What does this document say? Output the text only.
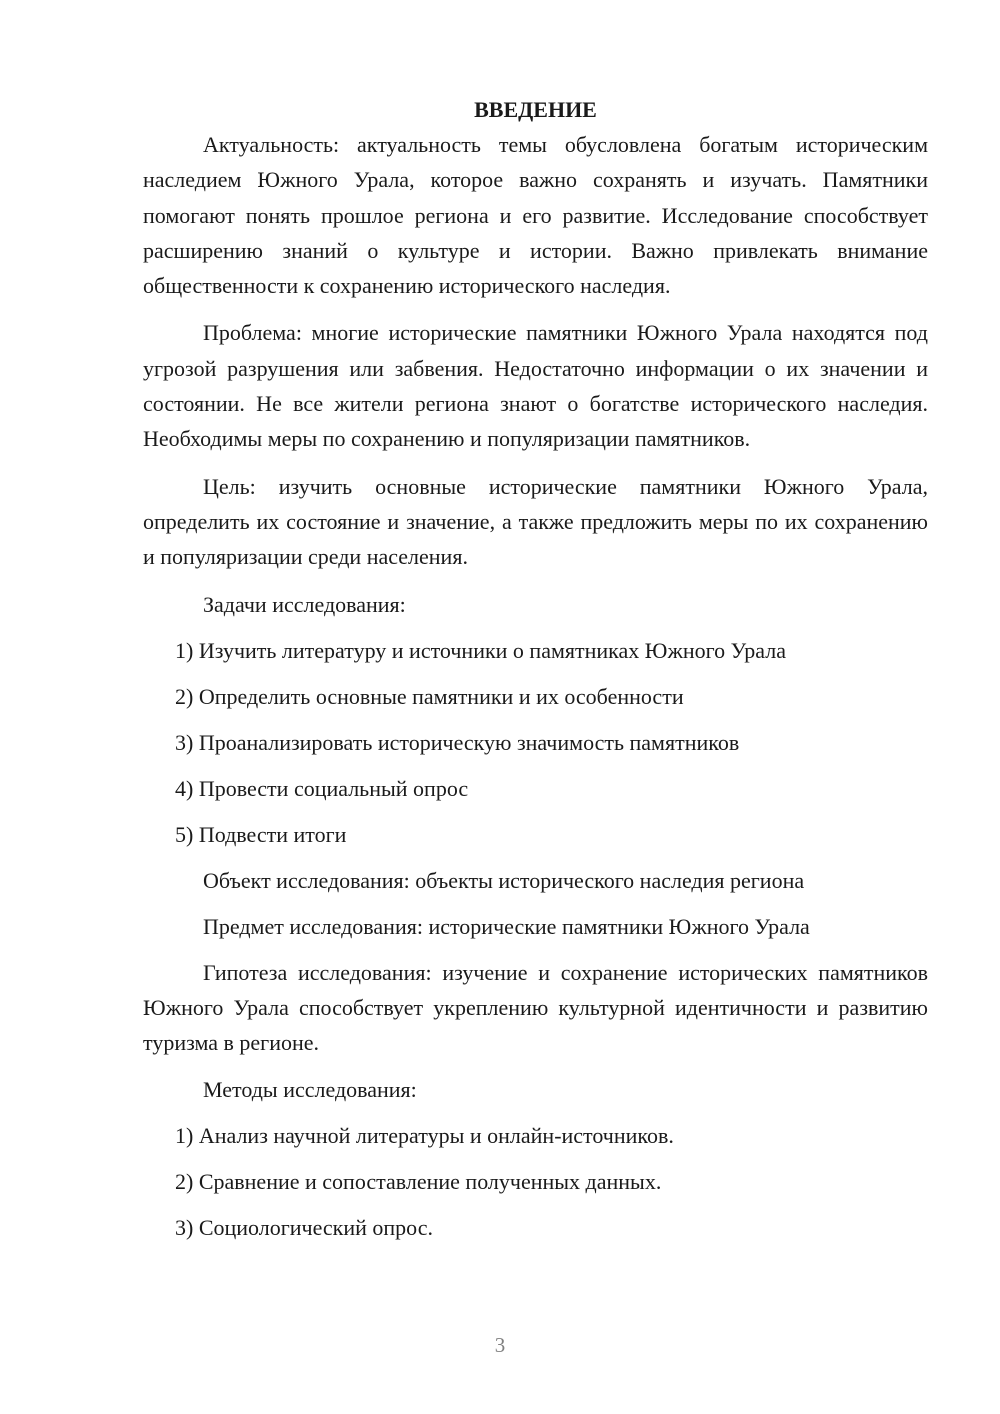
ВВЕДЕНИЕ

Актуальность: актуальность темы обусловлена богатым историческим наследием Южного Урала, которое важно сохранять и изучать. Памятники помогают понять прошлое региона и его развитие. Исследование способствует расширению знаний о культуре и истории. Важно привлекать внимание общественности к сохранению исторического наследия.

Проблема: многие исторические памятники Южного Урала находятся под угрозой разрушения или забвения. Недостаточно информации о их значении и состоянии. Не все жители региона знают о богатстве исторического наследия. Необходимы меры по сохранению и популяризации памятников.

Цель: изучить основные исторические памятники Южного Урала, определить их состояние и значение, а также предложить меры по их сохранению и популяризации среди населения.

Задачи исследования:
1) Изучить литературу и источники о памятниках Южного Урала
2) Определить основные памятники и их особенности
3) Проанализировать историческую значимость памятников
4) Провести социальный опрос
5) Подвести итоги
Объект исследования: объекты исторического наследия региона
Предмет исследования: исторические памятники Южного Урала

Гипотеза исследования: изучение и сохранение исторических памятников Южного Урала способствует укреплению культурной идентичности и развитию туризма в регионе.

Методы исследования:
1) Анализ научной литературы и онлайн-источников.
2) Сравнение и сопоставление полученных данных.
3) Социологический опрос.
3
